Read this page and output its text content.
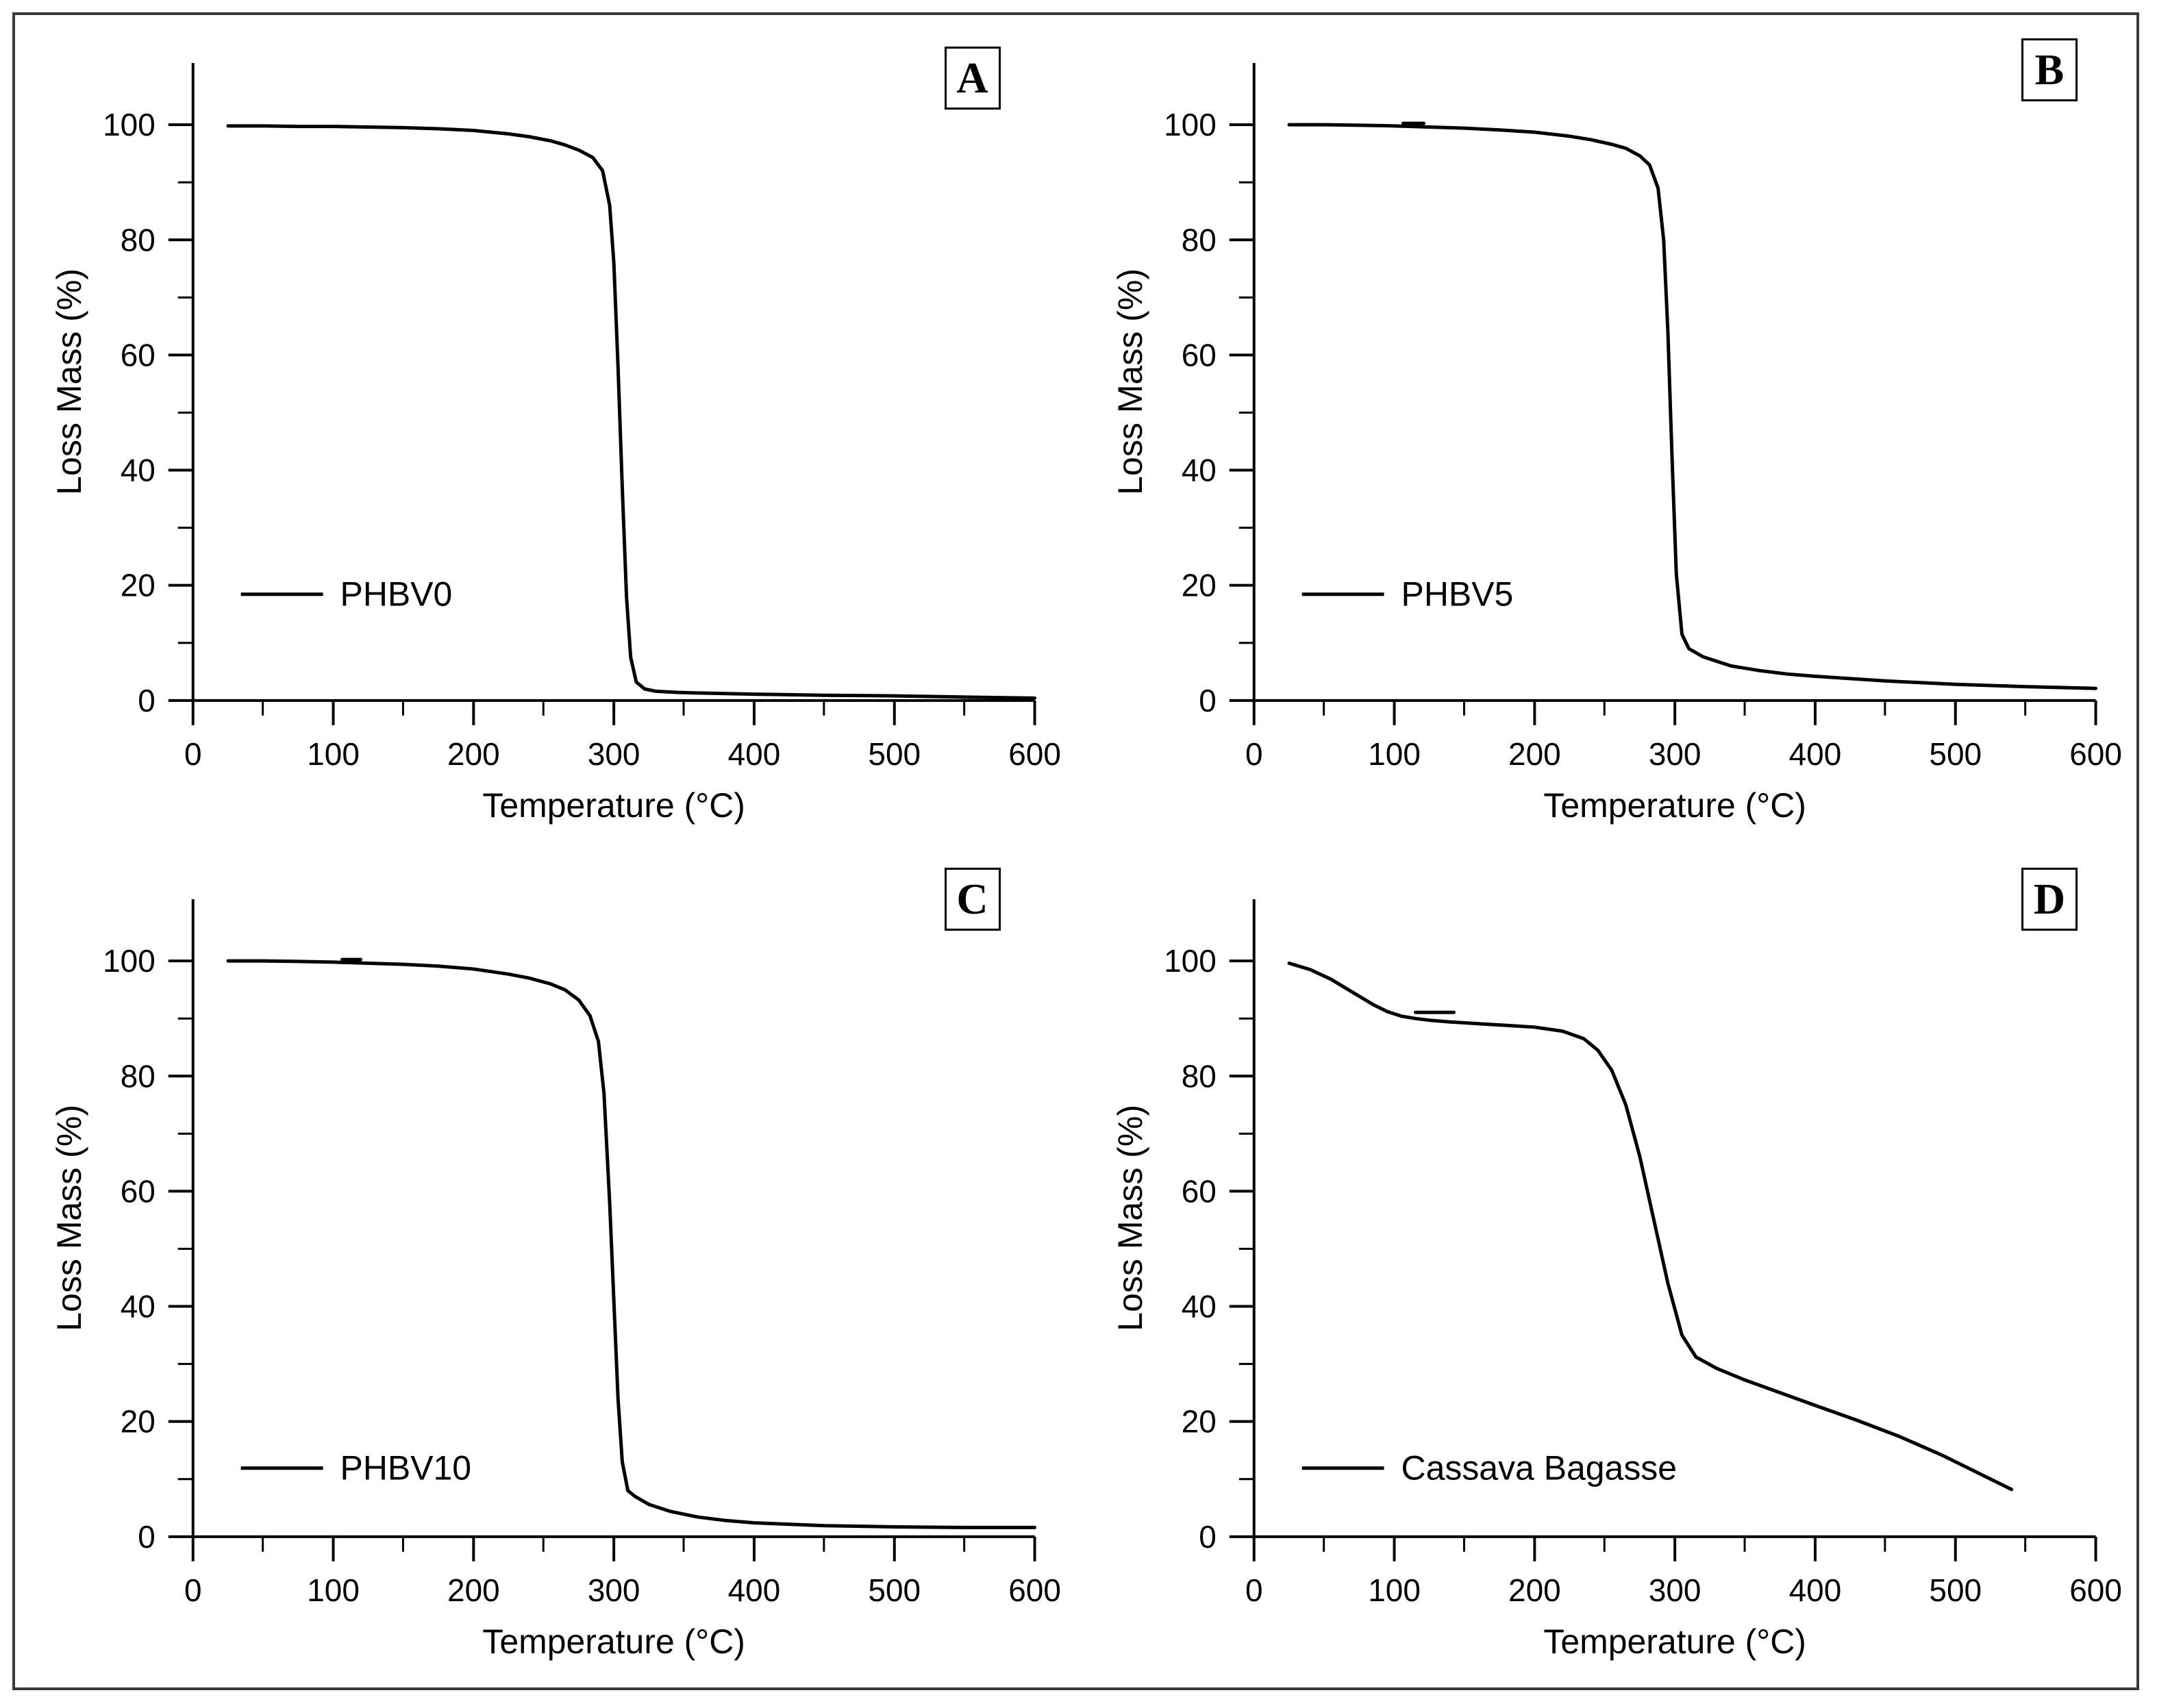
0
20
40
60
80
100
0	100	200	300	400	500	600
Temperature (°C)
Loss Mass (%)
PHBV0
A
0
20
40
60
80
100
0	100	200	300	400	500	600
Temperature (°C)
Loss Mass (%)
PHBV5
B
0
20
40
60
80
100
0	100	200	300	400	500	600
Temperature (°C)
Loss Mass (%)
PHBV10
C
0
20
40
60
80
100
0	100	200	300	400	500	600
Temperature (°C)
Loss Mass (%)
Cassava Bagasse
D
